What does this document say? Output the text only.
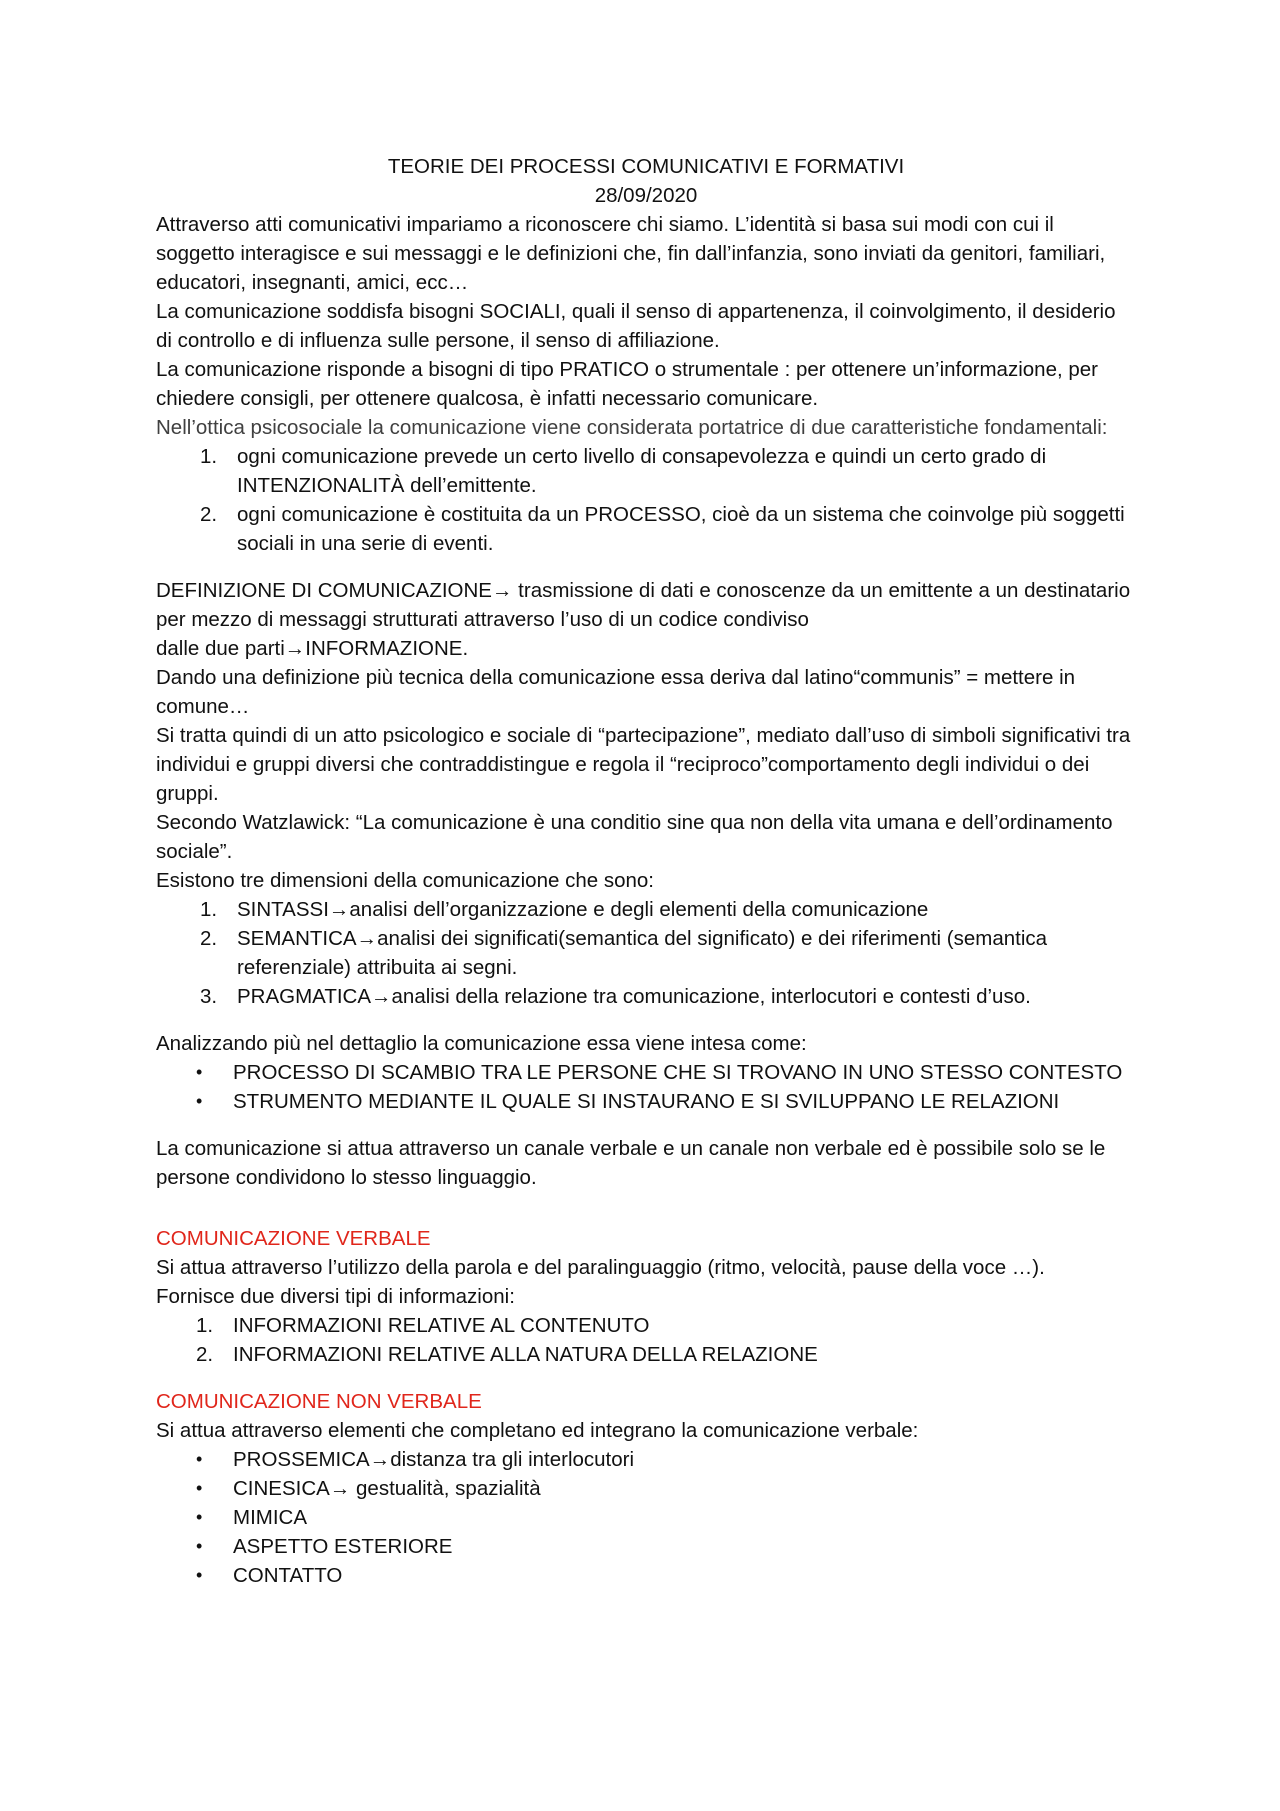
TEORIE DEI PROCESSI COMUNICATIVI E FORMATIVI

28/09/2020

Attraverso atti comunicativi impariamo a riconoscere chi siamo. L’identità si basa sui modi con cui il soggetto interagisce e sui messaggi e le definizioni che, fin dall’infanzia, sono inviati da genitori, familiari, educatori, insegnanti, amici, ecc…

La comunicazione soddisfa bisogni SOCIALI, quali il senso di appartenenza, il coinvolgimento, il desiderio di controllo e di influenza sulle persone, il senso di affiliazione.

La comunicazione risponde a bisogni di tipo PRATICO o strumentale : per ottenere un’informazione, per chiedere consigli, per ottenere qualcosa, è infatti necessario comunicare.

Nell’ottica psicosociale la comunicazione viene considerata portatrice di due caratteristiche fondamentali:

1. ogni comunicazione prevede un certo livello di consapevolezza e quindi un certo grado di INTENZIONALITÀ dell’emittente.
2. ogni comunicazione è costituita da un PROCESSO, cioè da un sistema che coinvolge più soggetti sociali in una serie di eventi.

DEFINIZIONE DI COMUNICAZIONE→ trasmissione di dati e conoscenze da un emittente a un destinatario per mezzo di messaggi strutturati attraverso l’uso di un codice condiviso

dalle due parti→INFORMAZIONE.

Dando una definizione più tecnica della comunicazione essa deriva dal latino“communis” = mettere in comune…

Si tratta quindi di un atto psicologico e sociale di “partecipazione”, mediato dall’uso di simboli significativi tra individui e gruppi diversi che contraddistingue e regola il “reciproco”comportamento degli individui o dei gruppi.

Secondo Watzlawick: “La comunicazione è una conditio sine qua non della vita umana e dell’ordinamento sociale”.

Esistono tre dimensioni della comunicazione che sono:

1. SINTASSI→analisi dell’organizzazione e degli elementi della comunicazione
2. SEMANTICA→analisi dei significati(semantica del significato) e dei riferimenti (semantica referenziale) attribuita ai segni.
3. PRAGMATICA→analisi della relazione tra comunicazione, interlocutori e contesti d’uso.

Analizzando più nel dettaglio la comunicazione essa viene intesa come:

•	PROCESSO DI SCAMBIO TRA LE PERSONE CHE SI TROVANO IN UNO STESSO CONTESTO
•	STRUMENTO MEDIANTE IL QUALE SI INSTAURANO E SI SVILUPPANO LE RELAZIONI

La comunicazione si attua attraverso un canale verbale e un canale non verbale ed è possibile solo se le persone condividono lo stesso linguaggio.

COMUNICAZIONE VERBALE

Si attua attraverso l’utilizzo della parola e del paralinguaggio (ritmo, velocità, pause della voce …).

Fornisce due diversi tipi di informazioni:

1. INFORMAZIONI RELATIVE AL CONTENUTO
2. INFORMAZIONI RELATIVE ALLA NATURA DELLA RELAZIONE

COMUNICAZIONE NON VERBALE

Si attua attraverso elementi che completano ed integrano la comunicazione verbale:

•	PROSSEMICA→distanza tra gli interlocutori
•	CINESICA→ gestualità, spazialità
•	MIMICA
•	ASPETTO ESTERIORE
•	CONTATTO
